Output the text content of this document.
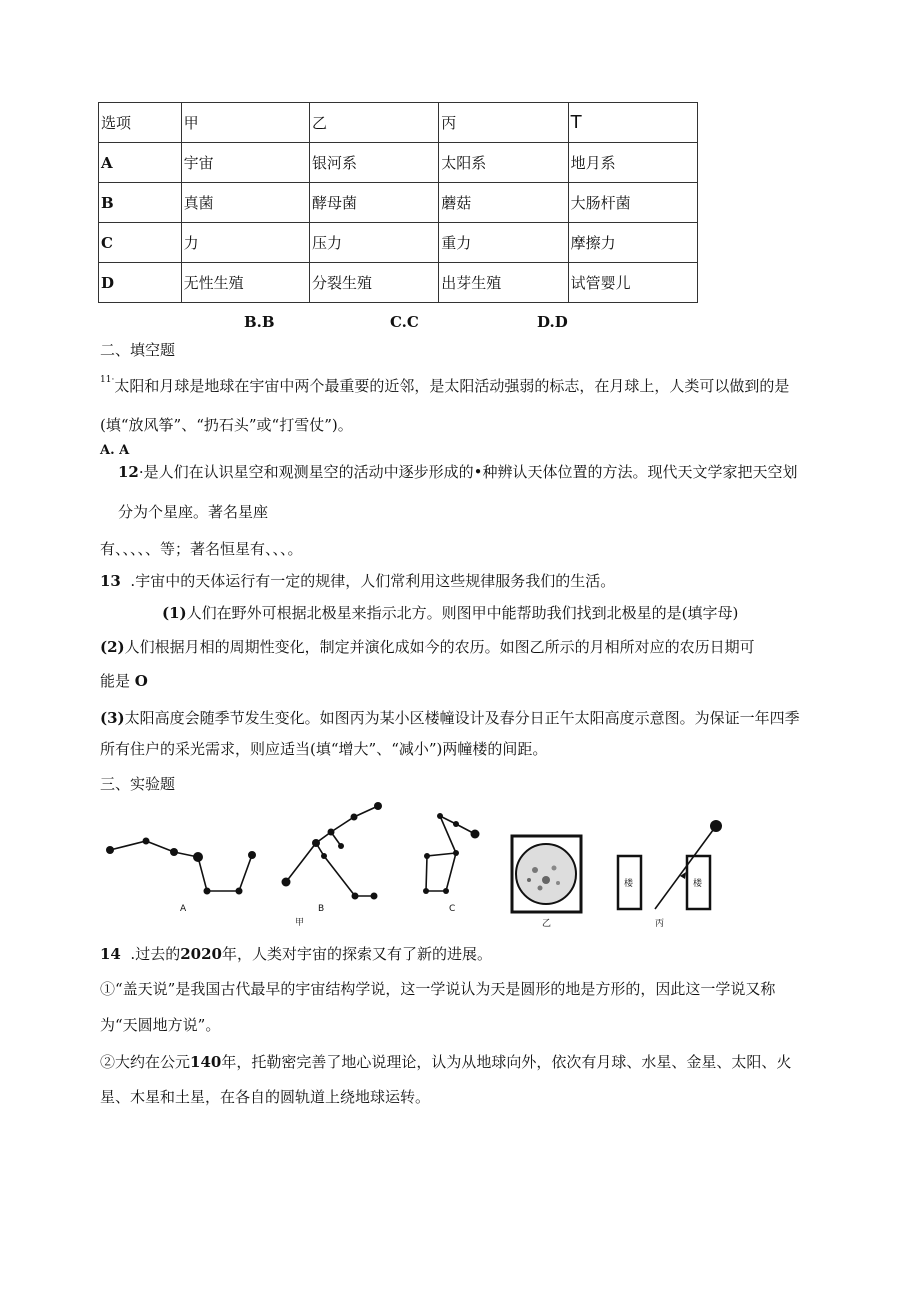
选项	甲	乙	丙	T
A	宇宙	银河系	太阳系	地月系
B	真菌	酵母菌	蘑菇	大肠杆菌
C	力	压力	重力	摩擦力
D	无性生殖	分裂生殖	出芽生殖	试管婴儿
B.B	C.C	D.D
二、填空题
$^{11\cdot}$太阳和月球是地球在宇宙中两个最重要的近邻，是太阳活动强弱的标志，在月球上，人类可以做到的是
(填“放风筝”、“扔石头”或“打雪仗”)。
A. A
12·是人们在认识星空和观测星空的活动中逐步形成的•种辨认天体位置的方法。现代天文学家把天空划
分为个星座。著名星座
有、、、、、等；著名恒星有、、、。
13 .宇宙中的天体运行有一定的规律，人们常利用这些规律服务我们的生活。
(1)人们在野外可根据北极星来指示北方。则图甲中能帮助我们找到北极星的是(填字母)
(2)人们根据月相的周期性变化，制定并演化成如今的农历。如图乙所示的月相所对应的农历日期可
能是 O
(3)太阳高度会随季节发生变化。如图丙为某小区楼幢设计及春分日正午太阳高度示意图。为保证一年四季
所有住户的采光需求，则应适当(填“增大”、“减小”)两幢楼的间距。
三、实验题
A	B
甲
C
乙
楼	楼
丙
14 .过去的2020年，人类对宇宙的探索又有了新的进展。
①“盖天说”是我国古代最早的宇宙结构学说，这一学说认为天是圆形的地是方形的，因此这一学说又称
为“天圆地方说”。
②大约在公元140年，托勒密完善了地心说理论，认为从地球向外，依次有月球、水星、金星、太阳、火
星、木星和土星，在各自的圆轨道上绕地球运转。
